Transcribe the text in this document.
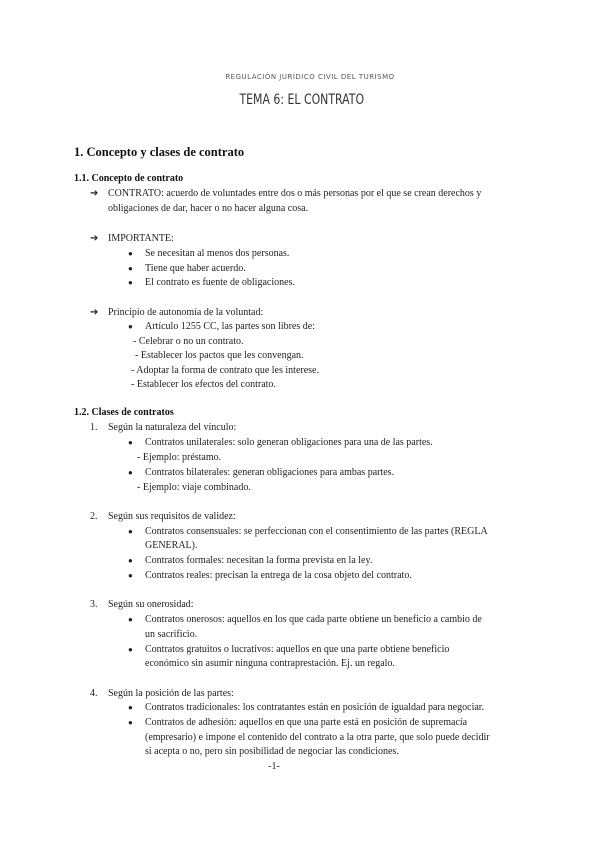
REGULACIÓN JURÍDICO CIVIL DEL TURISMO
TEMA 6: EL CONTRATO
1. Concepto y clases de contrato
1.1. Concepto de contrato
➔ CONTRATO: acuerdo de voluntades entre dos o más personas por el que se crean derechos y
obligaciones de dar, hacer o no hacer alguna cosa.
➔ IMPORTANTE:
● Se necesitan al menos dos personas.
● Tiene que haber acuerdo.
● El contrato es fuente de obligaciones.
➔ Principio de autonomía de la voluntad:
● Artículo 1255 CC, las partes son libres de:
- Celebrar o no un contrato.
- Establecer los pactos que les convengan.
- Adoptar la forma de contrato que les interese.
- Establecer los efectos del contrato.
1.2. Clases de contratos
1. Según la naturaleza del vínculo:
● Contratos unilaterales: solo generan obligaciones para una de las partes.
- Ejemplo: préstamo.
● Contratos bilaterales: generan obligaciones para ambas partes.
- Ejemplo: viaje combinado.
2. Según sus requisitos de validez:
● Contratos consensuales: se perfeccionan con el consentimiento de las partes (REGLA
GENERAL).
● Contratos formales: necesitan la forma prevista en la ley.
● Contratos reales: precisan la entrega de la cosa objeto del contrato.
3. Según su onerosidad:
● Contratos onerosos: aquellos en los que cada parte obtiene un beneficio a cambio de
un sacrificio.
● Contratos gratuitos o lucrativos: aquellos en que una parte obtiene beneficio
económico sin asumir ninguna contraprestación. Ej. un regalo.
4. Según la posición de las partes:
● Contratos tradicionales: los contratantes están en posición de igualdad para negociar.
● Contratos de adhesión: aquellos en que una parte está en posición de supremacía
(empresario) e impone el contenido del contrato a la otra parte, que solo puede decidir
si acepta o no, pero sin posibilidad de negociar las condiciones.
-1-
